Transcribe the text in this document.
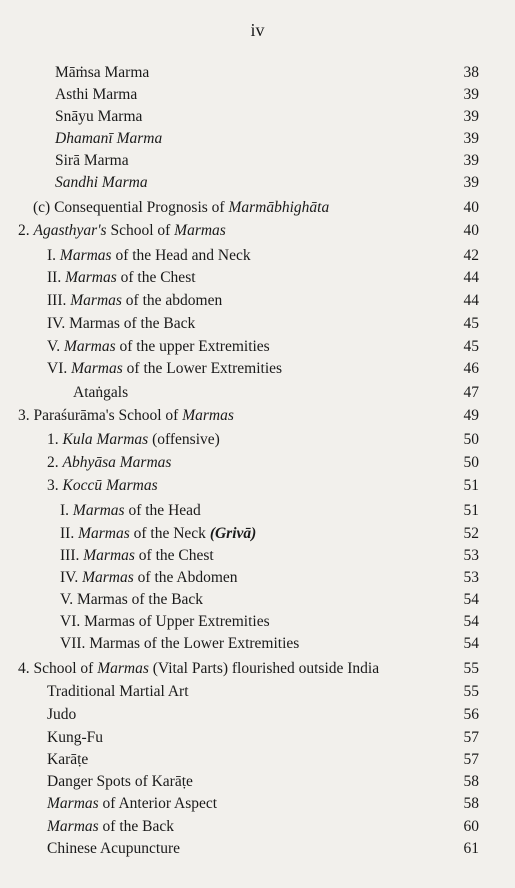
iv
Māṁsa Marma	38
Asthi Marma	39
Snāyu Marma	39
Dhamanī Marma	39
Sirā Marma	39
Sandhi Marma	39
(c) Consequential Prognosis of Marmābhighāta	40
2. Agasthyar's School of Marmas	40
I. Marmas of the Head and Neck	42
II. Marmas of the Chest	44
III. Marmas of the abdomen	44
IV. Marmas of the Back	45
V. Marmas of the upper Extremities	45
VI. Marmas of the Lower Extremities	46
Ataṅgals	47
3. Paraśurāma's School of Marmas	49
1. Kula Marmas (offensive)	50
2. Abhyāsa Marmas	50
3. Koccū Marmas	51
I. Marmas of the Head	51
II. Marmas of the Neck (Grivā)	52
III. Marmas of the Chest	53
IV. Marmas of the Abdomen	53
V. Marmas of the Back	54
VI. Marmas of Upper Extremities	54
VII. Marmas of the Lower Extremities	54
4. School of Marmas (Vital Parts) flourished outside India	55
Traditional Martial Art	55
Judo	56
Kung-Fu	57
Karāṭe	57
Danger Spots of Karāṭe	58
Marmas of Anterior Aspect	58
Marmas of the Back	60
Chinese Acupuncture	61
